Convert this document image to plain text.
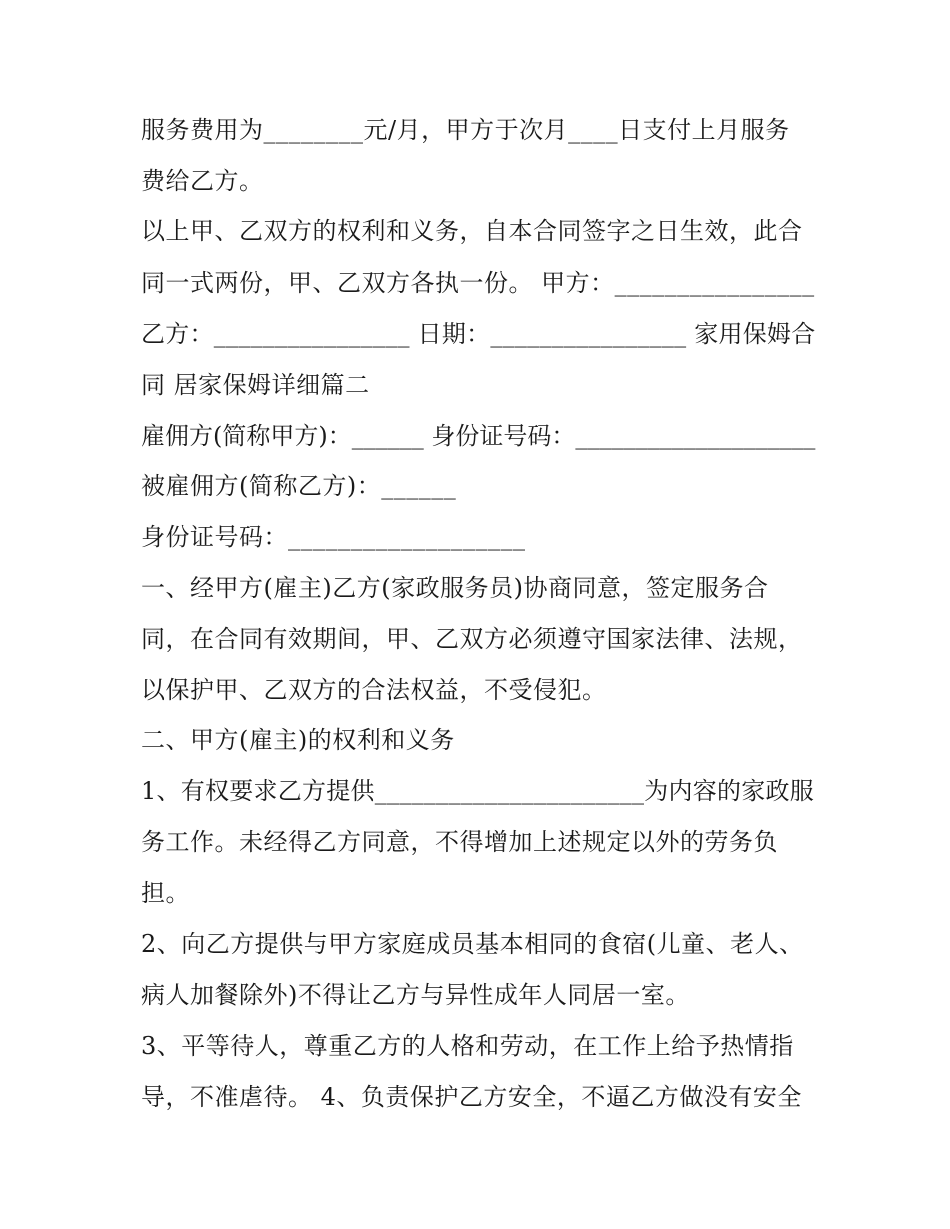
服务费用为________元/月，甲方于次月____日支付上月服务
费给乙方。
以上甲、乙双方的权利和义务，自本合同签字之日生效，此合
同一式两份，甲、乙双方各执一份。 甲方：________________
乙方：________________ 日期：________________ 家用保姆合
同 居家保姆详细篇二
雇佣方(简称甲方)：______ 身份证号码：____________________
被雇佣方(简称乙方)：______
身份证号码：___________________
一、经甲方(雇主)乙方(家政服务员)协商同意，签定服务合
同，在合同有效期间，甲、乙双方必须遵守国家法律、法规，
以保护甲、乙双方的合法权益，不受侵犯。
二、甲方(雇主)的权利和义务
1、有权要求乙方提供______________________为内容的家政服
务工作。未经得乙方同意，不得增加上述规定以外的劳务负
担。
2、向乙方提供与甲方家庭成员基本相同的食宿(儿童、老人、
病人加餐除外)不得让乙方与异性成年人同居一室。
3、平等待人，尊重乙方的人格和劳动，在工作上给予热情指
导，不准虐待。 4、负责保护乙方安全，不逼乙方做没有安全
